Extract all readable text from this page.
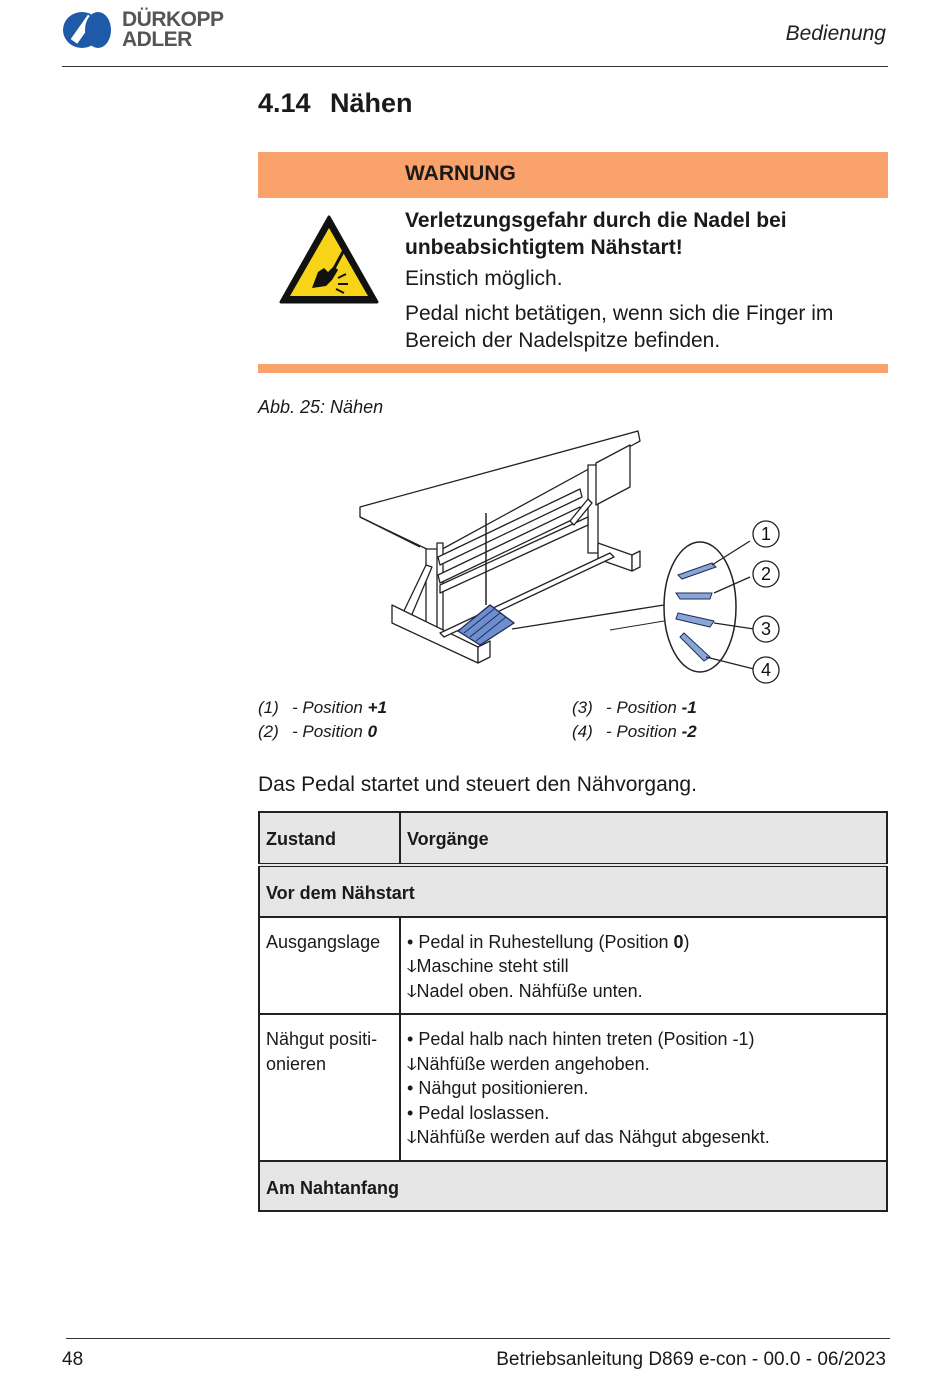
DÜRKOPP
ADLER	Bedienung
4.14 Nähen
WARNUNG

Verletzungsgefahr durch die Nadel bei unbeabsichtigtem Nähstart!

Einstich möglich.

Pedal nicht betätigen, wenn sich die Finger im Bereich der Nadelspitze befinden.

Abb. 25: Nähen
1
2
3
4
(1) - Position +1
(2) - Position 0
(3) - Position -1
(4) - Position -2
Das Pedal startet und steuert den Nähvorgang.
Zustand	Vorgänge
Vor dem Nähstart	
Ausgangslage	• Pedal in Ruhestellung (Position 0)
ↆMaschine steht still
ↆNadel oben. Nähfüße unten.

Nähgut positi-onieren	• Pedal halb nach hinten treten (Position -1)
ↆNähfüße werden angehoben.
• Nähgut positionieren.
• Pedal loslassen.
ↆNähfüße werden auf das Nähgut abgesenkt.

Am Nahtanfang	
48	Betriebsanleitung D869 e-con - 00.0 - 06/2023
